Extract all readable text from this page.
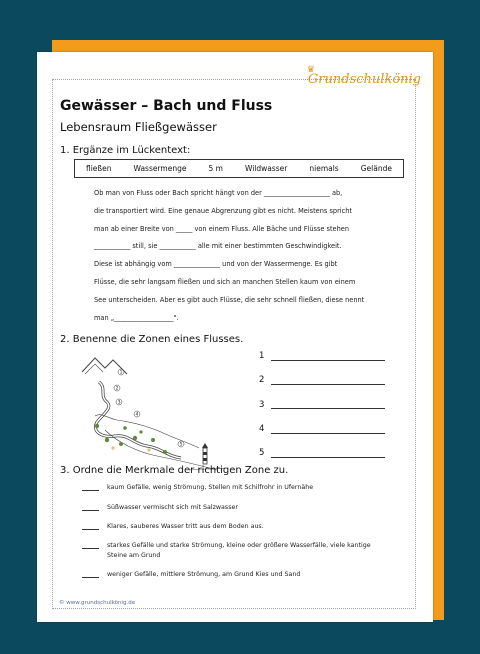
♛
Grundschulkönig
Gewässer – Bach und Fluss
Lebensraum Fließgewässer
1. Ergänze im Lückentext:
fließen	Wassermenge	5 m	Wildwasser	niemals	Gelände

Ob man von Fluss oder Bach spricht hängt von der ____________________ ab,

die transportiert wird. Eine genaue Abgrenzung gibt es nicht. Meistens spricht

man ab einer Breite von _____ von einem Fluss. Alle Bäche und Flüsse stehen

___________ still, sie ___________ alle mit einer bestimmten Geschwindigkeit.

Diese ist abhängig vom ______________ und von der Wassermenge. Es gibt

Flüsse, die sehr langsam fließen und sich an manchen Stellen kaum von einem

See unterscheiden. Aber es gibt auch Flüsse, die sehr schnell fließen, diese nennt

man „__________________".

2. Benenne die Zonen eines Flusses.
1
2
3
4
5
1
2
3
4
5
3. Ordne die Merkmale der richtigen Zone zu.
kaum Gefälle, wenig Strömung, Stellen mit Schilfrohr in Ufernähe
Süßwasser vermischt sich mit Salzwasser
Klares, sauberes Wasser tritt aus dem Boden aus.
starkes Gefälle und starke Strömung, kleine oder größere Wasserfälle, viele kantige
Steine am Grund
weniger Gefälle, mittlere Strömung, am Grund Kies und Sand
© www.grundschulkönig.de
